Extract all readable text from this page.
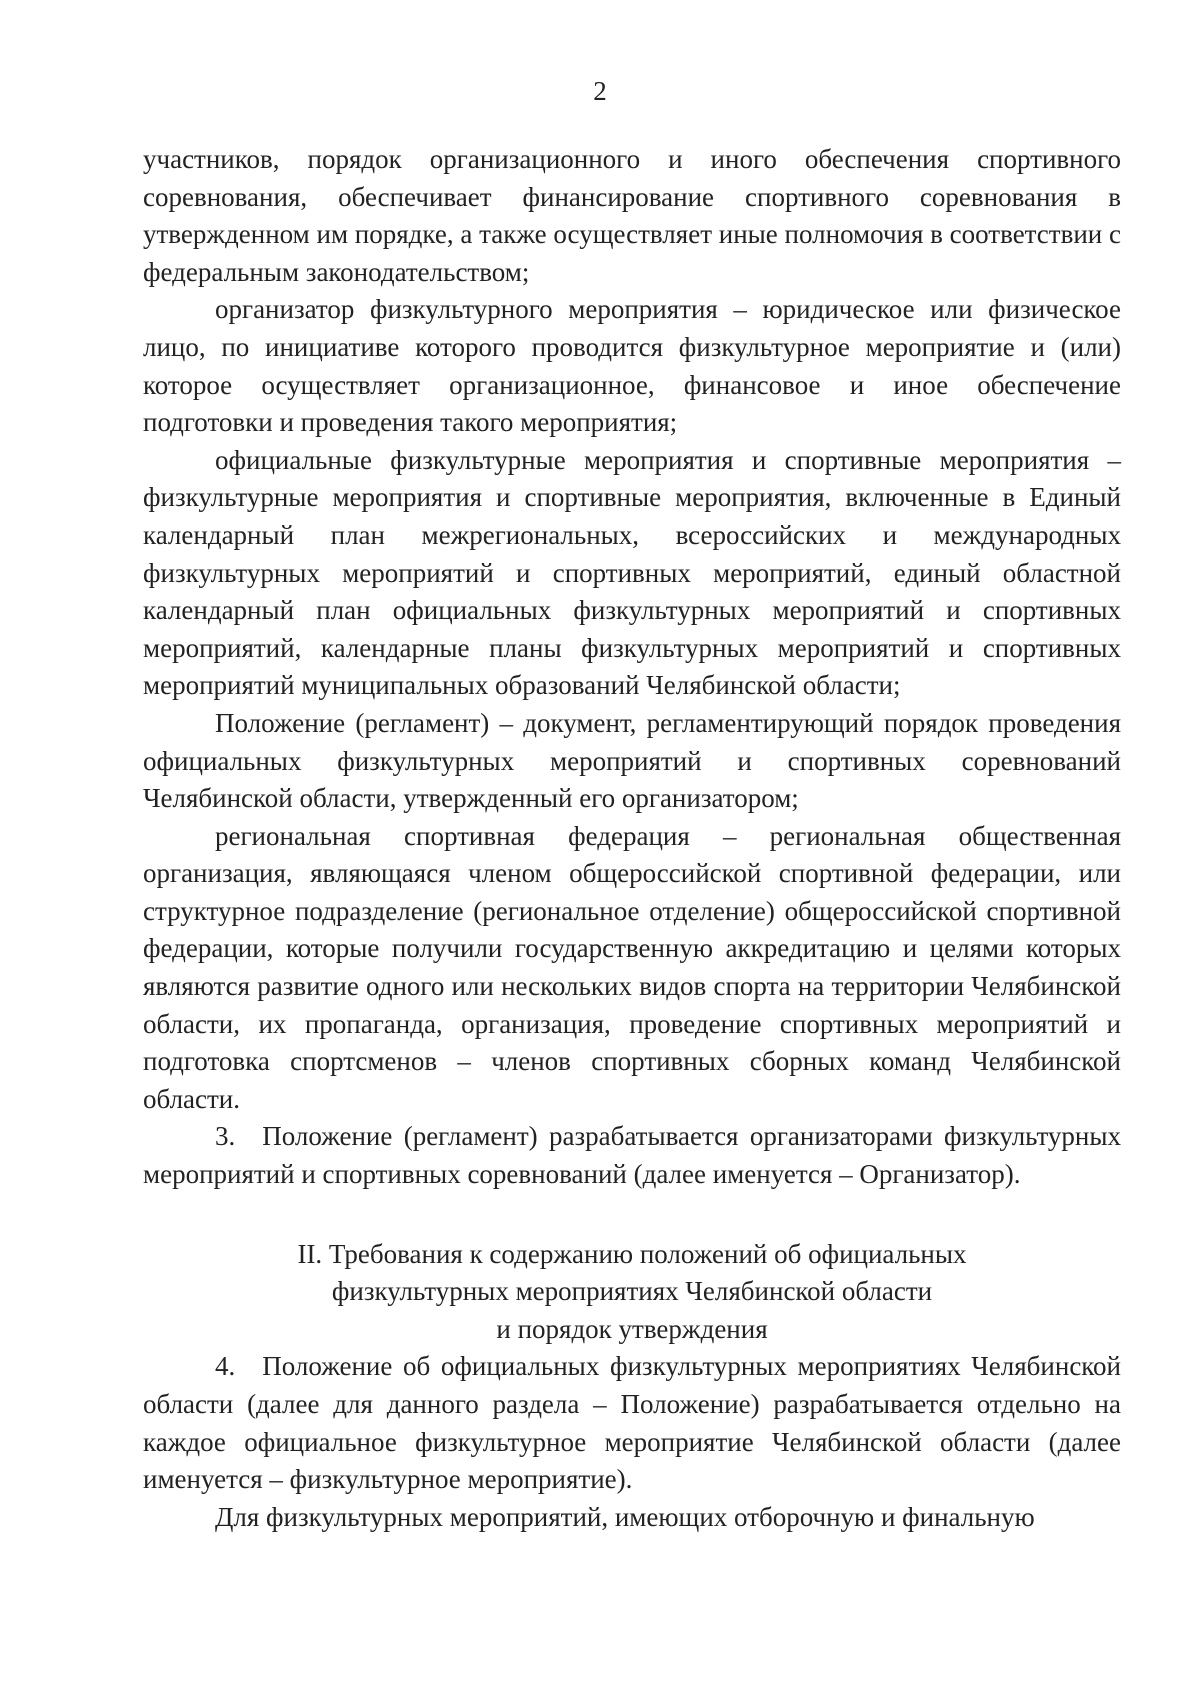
2

участников, порядок организационного и иного обеспечения спортивного соревнования, обеспечивает финансирование спортивного соревнования в утвержденном им порядке, а также осуществляет иные полномочия в соответствии с федеральным законодательством;

организатор физкультурного мероприятия – юридическое или физическое лицо, по инициативе которого проводится физкультурное мероприятие и (или) которое осуществляет организационное, финансовое и иное обеспечение подготовки и проведения такого мероприятия;

официальные физкультурные мероприятия и спортивные мероприятия – физкультурные мероприятия и спортивные мероприятия, включенные в Единый календарный план межрегиональных, всероссийских и международных физкультурных мероприятий и спортивных мероприятий, единый областной календарный план официальных физкультурных мероприятий и спортивных мероприятий, календарные планы физкультурных мероприятий и спортивных мероприятий муниципальных образований Челябинской области;

Положение (регламент) – документ, регламентирующий порядок проведения официальных физкультурных мероприятий и спортивных соревнований Челябинской области, утвержденный его организатором;

региональная спортивная федерация – региональная общественная организация, являющаяся членом общероссийской спортивной федерации, или структурное подразделение (региональное отделение) общероссийской спортивной федерации, которые получили государственную аккредитацию и целями которых являются развитие одного или нескольких видов спорта на территории Челябинской области, их пропаганда, организация, проведение спортивных мероприятий и подготовка спортсменов – членов спортивных сборных команд Челябинской области.

3. Положение (регламент) разрабатывается организаторами физкультурных мероприятий и спортивных соревнований (далее именуется – Организатор).

II. Требования к содержанию положений об официальных
физкультурных мероприятиях Челябинской области
и порядок утверждения

4. Положение об официальных физкультурных мероприятиях Челябинской области (далее для данного раздела – Положение) разрабатывается отдельно на каждое официальное физкультурное мероприятие Челябинской области (далее именуется – физкультурное мероприятие).

Для физкультурных мероприятий, имеющих отборочную и финальную
